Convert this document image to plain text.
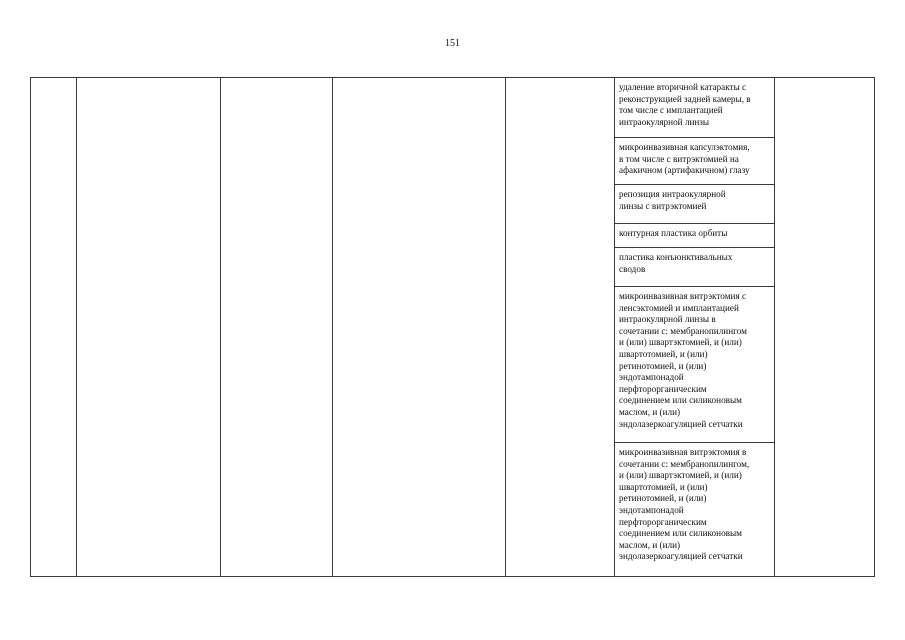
151
удаление вторичной катаракты с
реконструкцией задней камеры, в
том числе с имплантацией
интраокулярной линзы
микроинвазивная капсулэктомия,
в том числе с витрэктомией на
афакичном (артифакичном) глазу
репозиция интраокулярной
линзы с витрэктомией
контурная пластика орбиты
пластика конъюнктивальных
сводов
микроинвазивная витрэктомия с
ленсэктомией и имплантацией
интраокулярной линзы в
сочетании с: мембранопилингом
и (или) швартэктомией, и (или)
швартотомией, и (или)
ретинотомией, и (или)
эндотампонадой
перфторорганическим
соединением или силиконовым
маслом, и (или)
эндолазеркоагуляцией сетчатки
микроинвазивная витрэктомия в
сочетании с: мембранопилингом,
и (или) швартэктомией, и (или)
швартотомией, и (или)
ретинотомией, и (или)
эндотампонадой
перфторорганическим
соединением или силиконовым
маслом, и (или)
эндолазеркоагуляцией сетчатки
